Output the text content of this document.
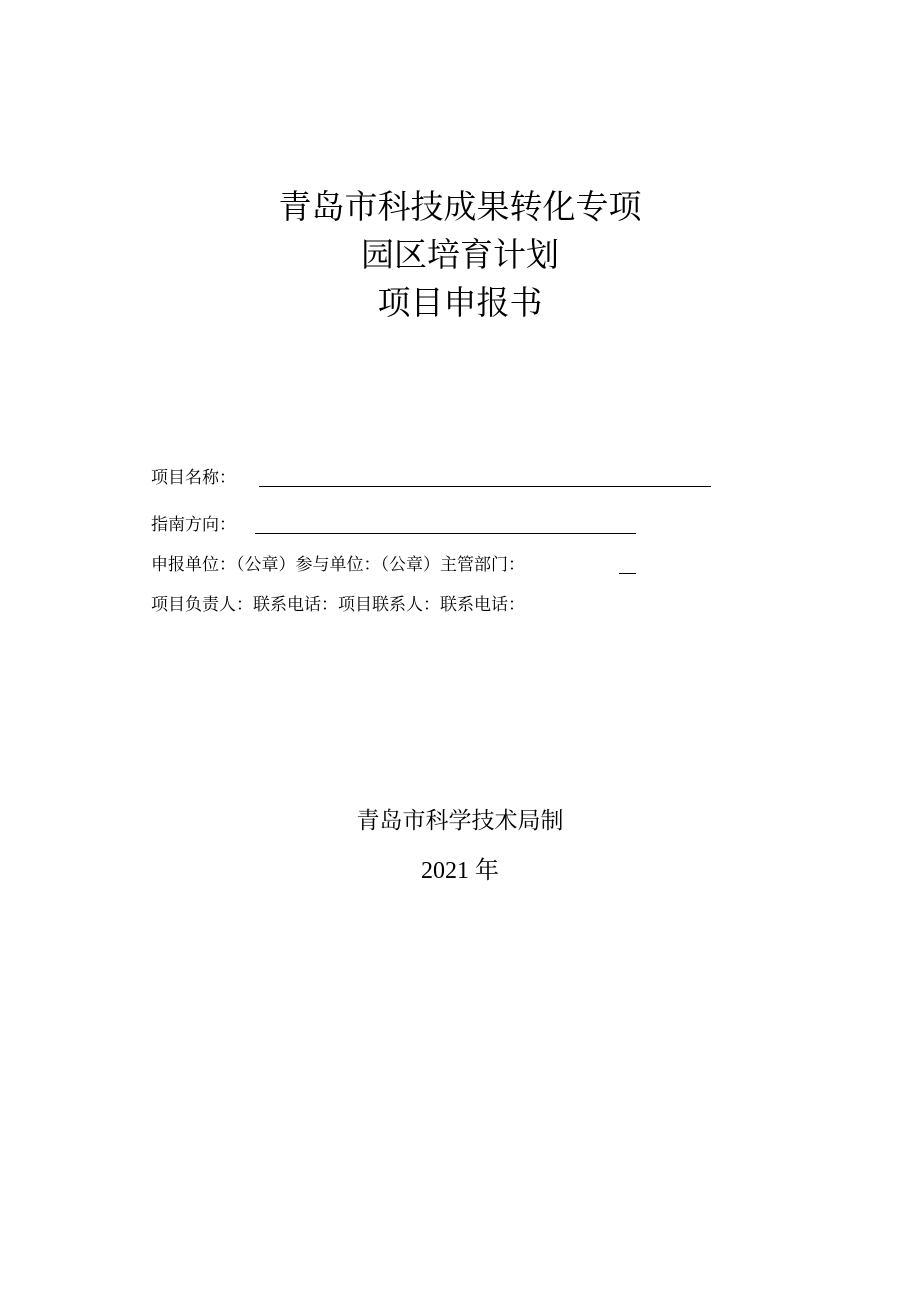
青岛市科技成果转化专项
园区培育计划
项目申报书
项目名称：
指南方向：
申报单位：（公章）参与单位：（公章）主管部门：
项目负责人：联系电话：项目联系人：联系电话：
青岛市科学技术局制
2021 年
